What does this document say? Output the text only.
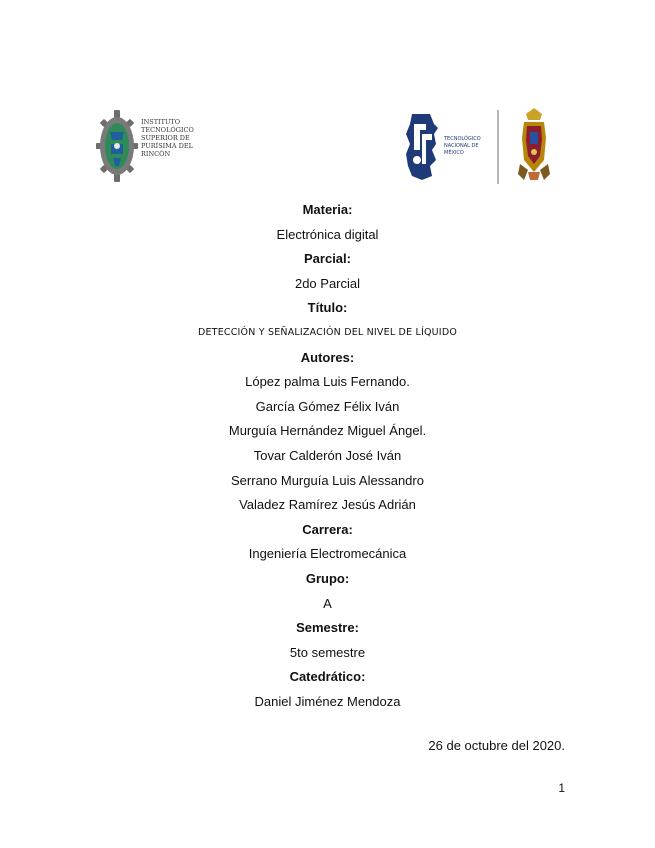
INSTITUTO TECNOLÓGICO SUPERIOR DE PURÍSIMA DEL RINCÓN
TECNOLÓGICO NACIONAL DE MÉXICO
Materia:
Electrónica digital
Parcial:
2do Parcial
Título:
DETECCIÓN Y SEÑALIZACIÓN DEL NIVEL DE LÍQUIDO
Autores:
López palma Luis Fernando.
García Gómez Félix Iván
Murguía Hernández Miguel Ángel.
Tovar Calderón José Iván
Serrano Murguía Luis Alessandro
Valadez Ramírez Jesús Adrián
Carrera:
Ingeniería Electromecánica
Grupo:
A
Semestre:
5to semestre
Catedrático:
Daniel Jiménez Mendoza
26 de octubre del 2020.
1
